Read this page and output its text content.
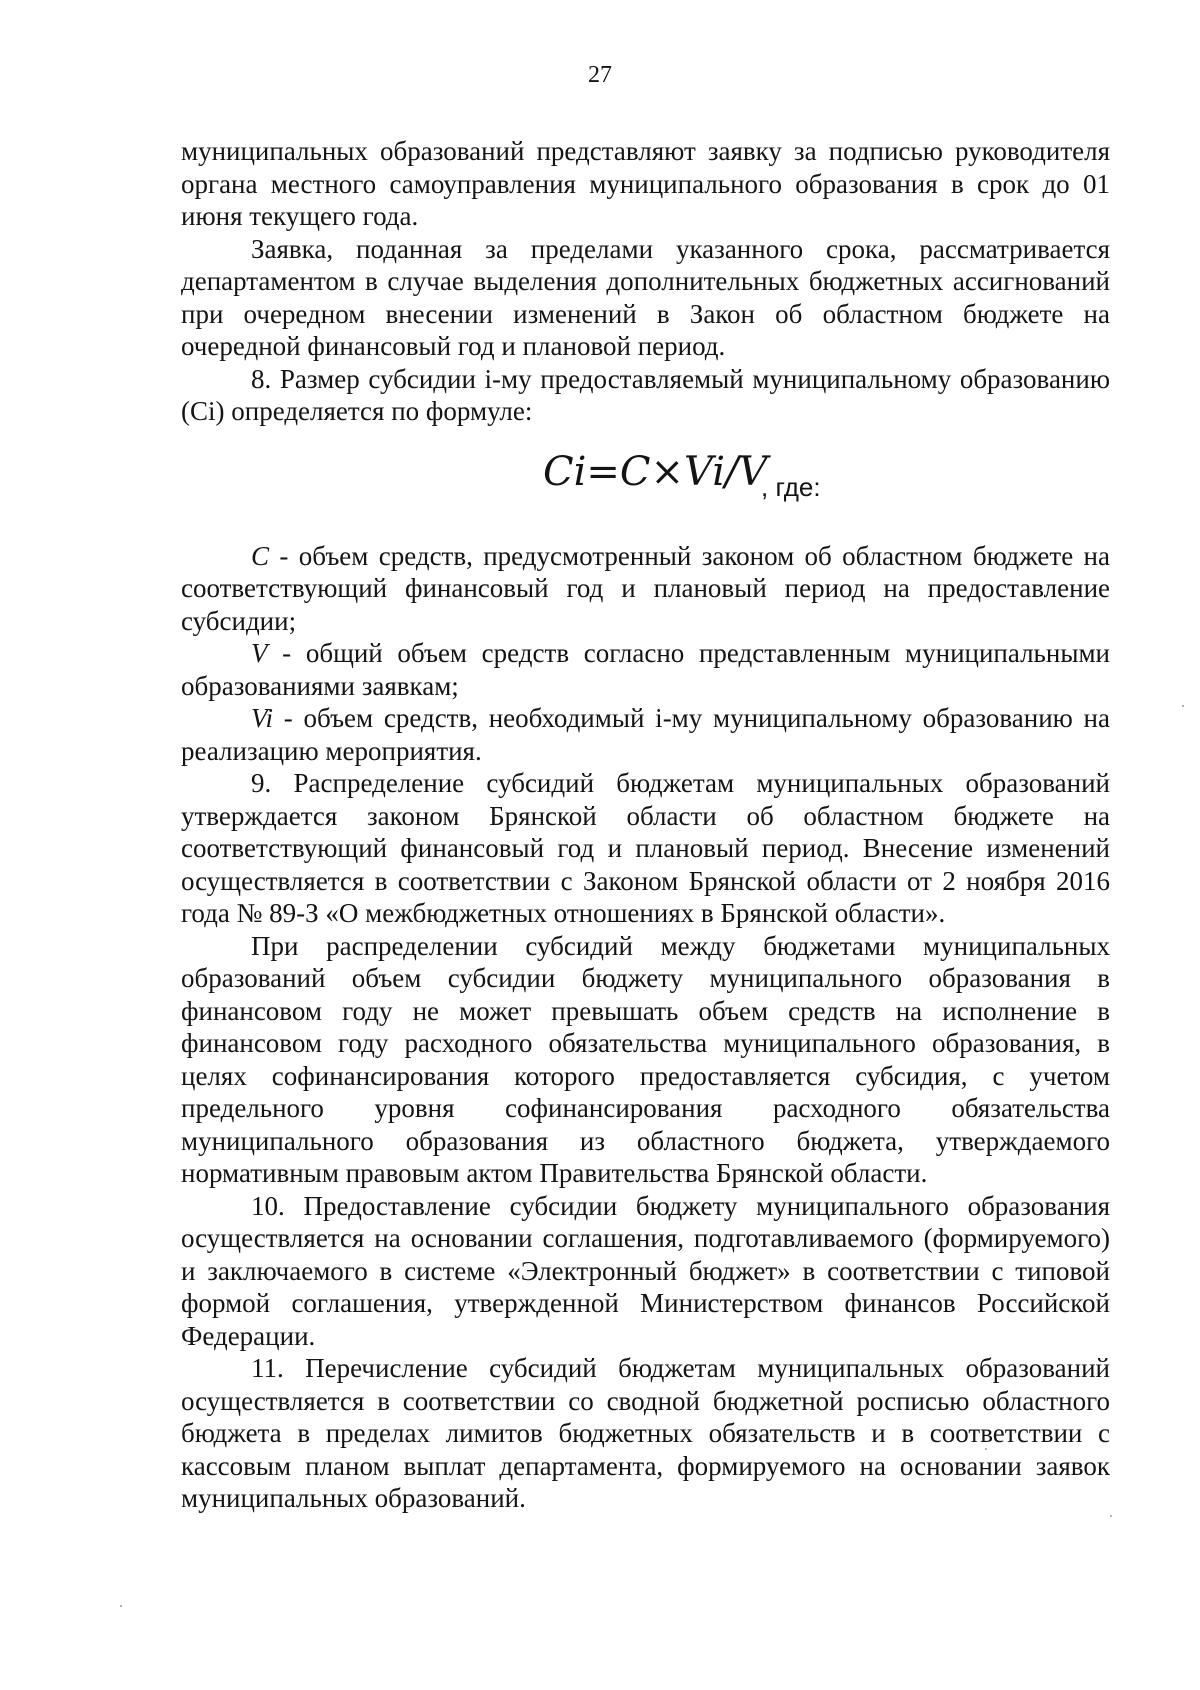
27

муниципальных образований представляют заявку за подписью руководителя органа местного самоуправления муниципального образования в срок до 01 июня текущего года.

Заявка, поданная за пределами указанного срока, рассматривается департаментом в случае выделения дополнительных бюджетных ассигнований при очередном внесении изменений в Закон об областном бюджете на очередной финансовый год и плановой период.

8. Размер субсидии i-му предоставляемый муниципальному образованию (Ci) определяется по формуле:

Ci=C×Vi/V
, где:

C - объем средств, предусмотренный законом об областном бюджете на соответствующий финансовый год и плановый период на предоставление субсидии;

V - общий объем средств согласно представленным муниципальными образованиями заявкам;

Vi - объем средств, необходимый i-му муниципальному образованию на реализацию мероприятия.

9. Распределение субсидий бюджетам муниципальных образований утверждается законом Брянской области об областном бюджете на соответствующий финансовый год и плановый период. Внесение изменений осуществляется в соответствии с Законом Брянской области от 2 ноября 2016 года № 89-З «О межбюджетных отношениях в Брянской области».

При распределении субсидий между бюджетами муниципальных образований объем субсидии бюджету муниципального образования в финансовом году не может превышать объем средств на исполнение в финансовом году расходного обязательства муниципального образования, в целях софинансирования которого предоставляется субсидия, с учетом предельного уровня софинансирования расходного обязательства муниципального образования из областного бюджета, утверждаемого нормативным правовым актом Правительства Брянской области.

10. Предоставление субсидии бюджету муниципального образования осуществляется на основании соглашения, подготавливаемого (формируемого) и заключаемого в системе «Электронный бюджет» в соответствии с типовой формой соглашения, утвержденной Министерством финансов Российской Федерации.

11. Перечисление субсидий бюджетам муниципальных образований осуществляется в соответствии со сводной бюджетной росписью областного бюджета в пределах лимитов бюджетных обязательств и в соответствии с кассовым планом выплат департамента, формируемого на основании заявок муниципальных образований.
